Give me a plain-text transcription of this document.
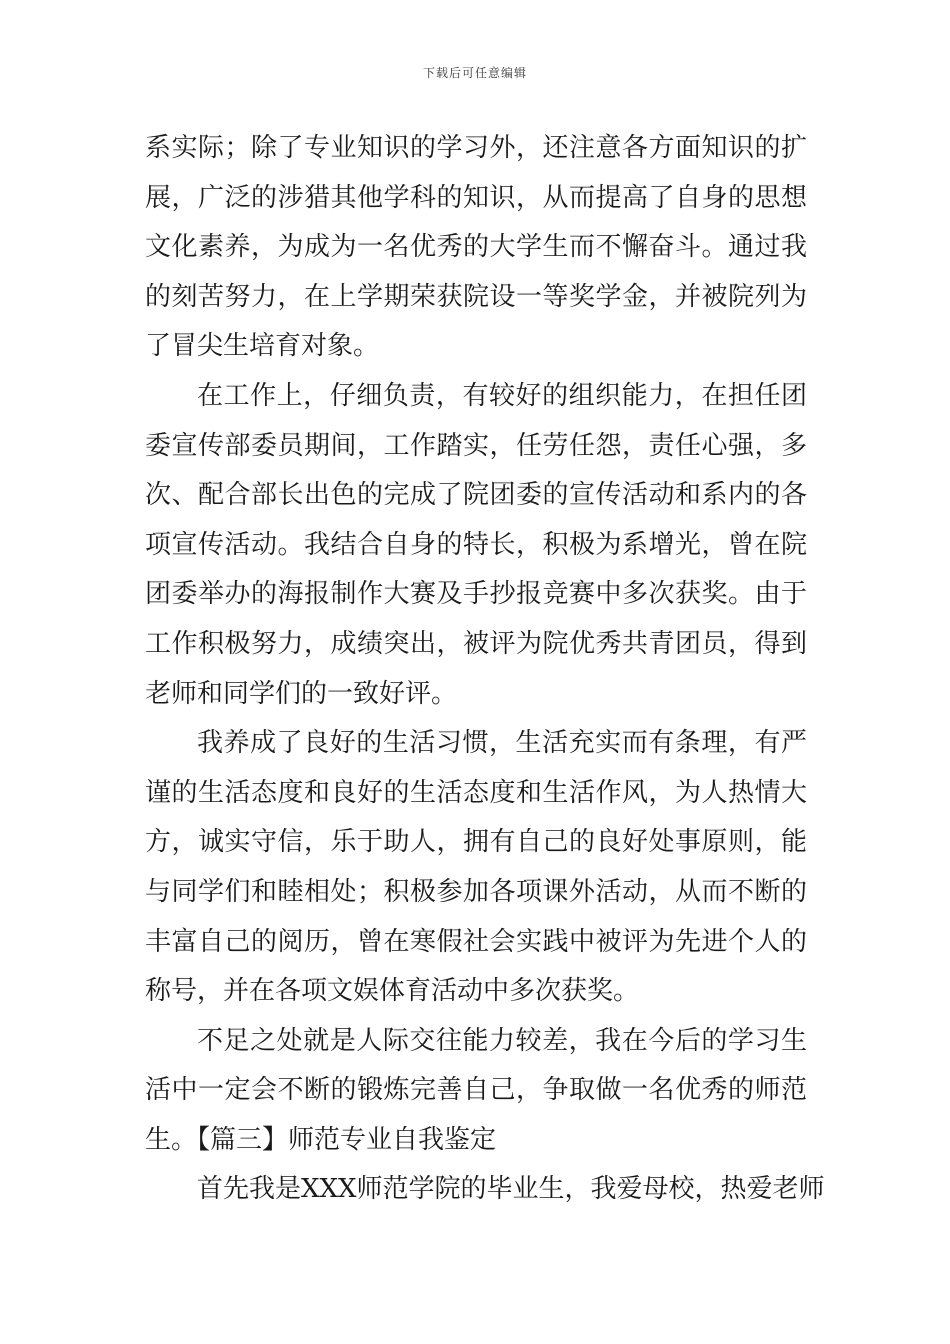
下载后可任意编辑
系实际；除了专业知识的学习外，还注意各方面知识的扩
展，广泛的涉猎其他学科的知识，从而提高了自身的思想
文化素养，为成为一名优秀的大学生而不懈奋斗。通过我
的刻苦努力，在上学期荣获院设一等奖学金，并被院列为
了冒尖生培育对象。
在工作上，仔细负责，有较好的组织能力，在担任团
委宣传部委员期间，工作踏实，任劳任怨，责任心强，多
次、配合部长出色的完成了院团委的宣传活动和系内的各
项宣传活动。我结合自身的特长，积极为系增光，曾在院
团委举办的海报制作大赛及手抄报竞赛中多次获奖。由于
工作积极努力，成绩突出，被评为院优秀共青团员，得到
老师和同学们的一致好评。
我养成了良好的生活习惯，生活充实而有条理，有严
谨的生活态度和良好的生活态度和生活作风，为人热情大
方，诚实守信，乐于助人，拥有自己的良好处事原则，能
与同学们和睦相处；积极参加各项课外活动，从而不断的
丰富自己的阅历，曾在寒假社会实践中被评为先进个人的
称号，并在各项文娱体育活动中多次获奖。
不足之处就是人际交往能力较差，我在今后的学习生
活中一定会不断的锻炼完善自己，争取做一名优秀的师范
生。【篇三】师范专业自我鉴定
首先我是XXX师范学院的毕业生，我爱母校，热爱老师
